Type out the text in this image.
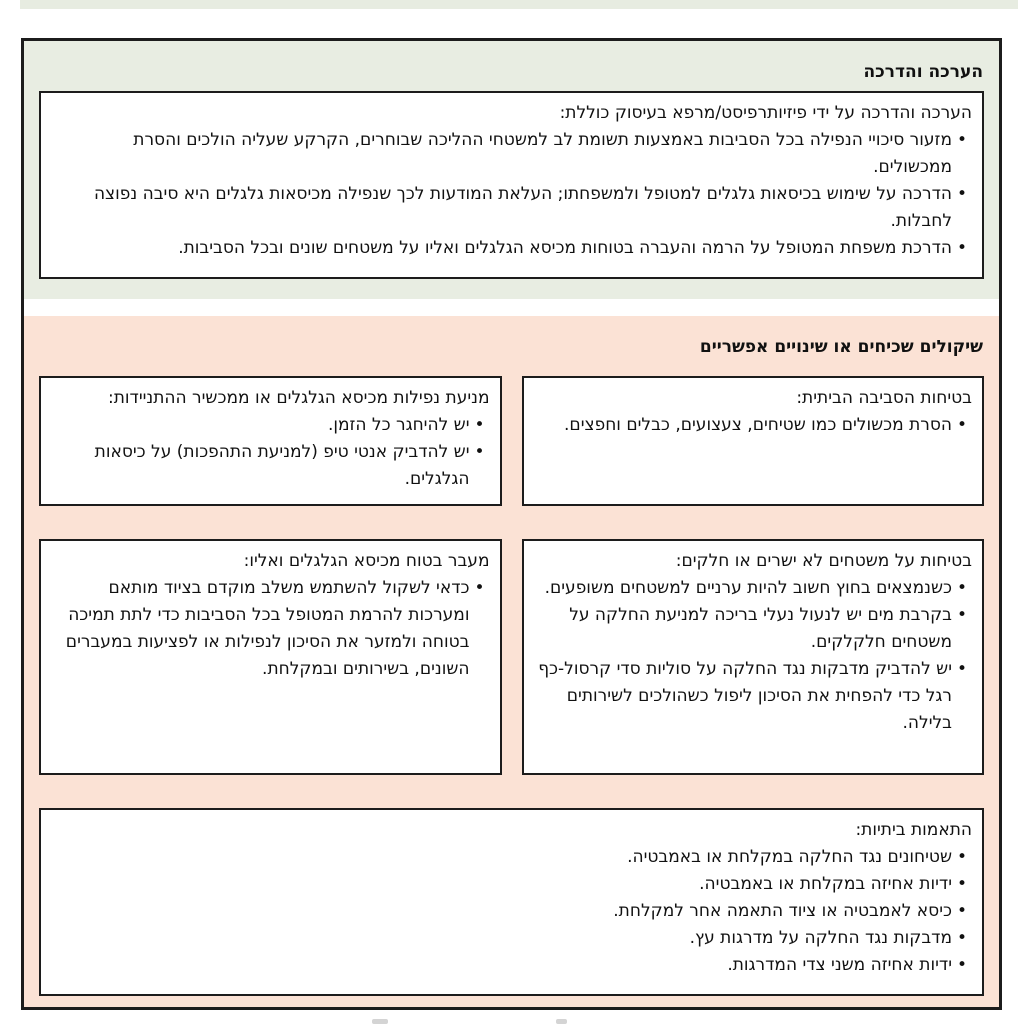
הערכה והדרכה

הערכה והדרכה על ידי פיזיותרפיסט/מרפא בעיסוק כוללת:

• מזעור סיכויי הנפילה בכל הסביבות באמצעות תשומת לב למשטחי ההליכה שבוחרים, הקרקע שעליה הולכים והסרת ממכשולים.
• הדרכה על שימוש בכיסאות גלגלים למטופל ולמשפחתו; העלאת המודעות לכך שנפילה מכיסאות גלגלים היא סיבה נפוצה לחבלות.
• הדרכת משפחת המטופל על הרמה והעברה בטוחות מכיסא הגלגלים ואליו על משטחים שונים ובכל הסביבות.
שיקולים שכיחים או שינויים אפשריים

בטיחות הסביבה הביתית:

• הסרת מכשולים כמו שטיחים, צעצועים, כבלים וחפצים.

מניעת נפילות מכיסא הגלגלים או ממכשיר ההתניידות:

• יש להיחגר כל הזמן.
• יש להדביק אנטי טיפ (למניעת התהפכות) על כיסאות הגלגלים.

בטיחות על משטחים לא ישרים או חלקים:

• כשנמצאים בחוץ חשוב להיות ערניים למשטחים משופעים.
• בקרבת מים יש לנעול נעלי בריכה למניעת החלקה על משטחים חלקלקים.
• יש להדביק מדבקות נגד החלקה על סוליות סדי קרסול-כף רגל כדי להפחית את הסיכון ליפול כשהולכים לשירותים בלילה.

מעבר בטוח מכיסא הגלגלים ואליו:

• כדאי לשקול להשתמש משלב מוקדם בציוד מותאם ומערכות להרמת המטופל בכל הסביבות כדי לתת תמיכה בטוחה ולמזער את הסיכון לנפילות או לפציעות במעברים השונים, בשירותים ובמקלחת.

התאמות ביתיות:

• שטיחונים נגד החלקה במקלחת או באמבטיה.
• ידיות אחיזה במקלחת או באמבטיה.
• כיסא לאמבטיה או ציוד התאמה אחר למקלחת.
• מדבקות נגד החלקה על מדרגות עץ.
• ידיות אחיזה משני צדי המדרגות.
